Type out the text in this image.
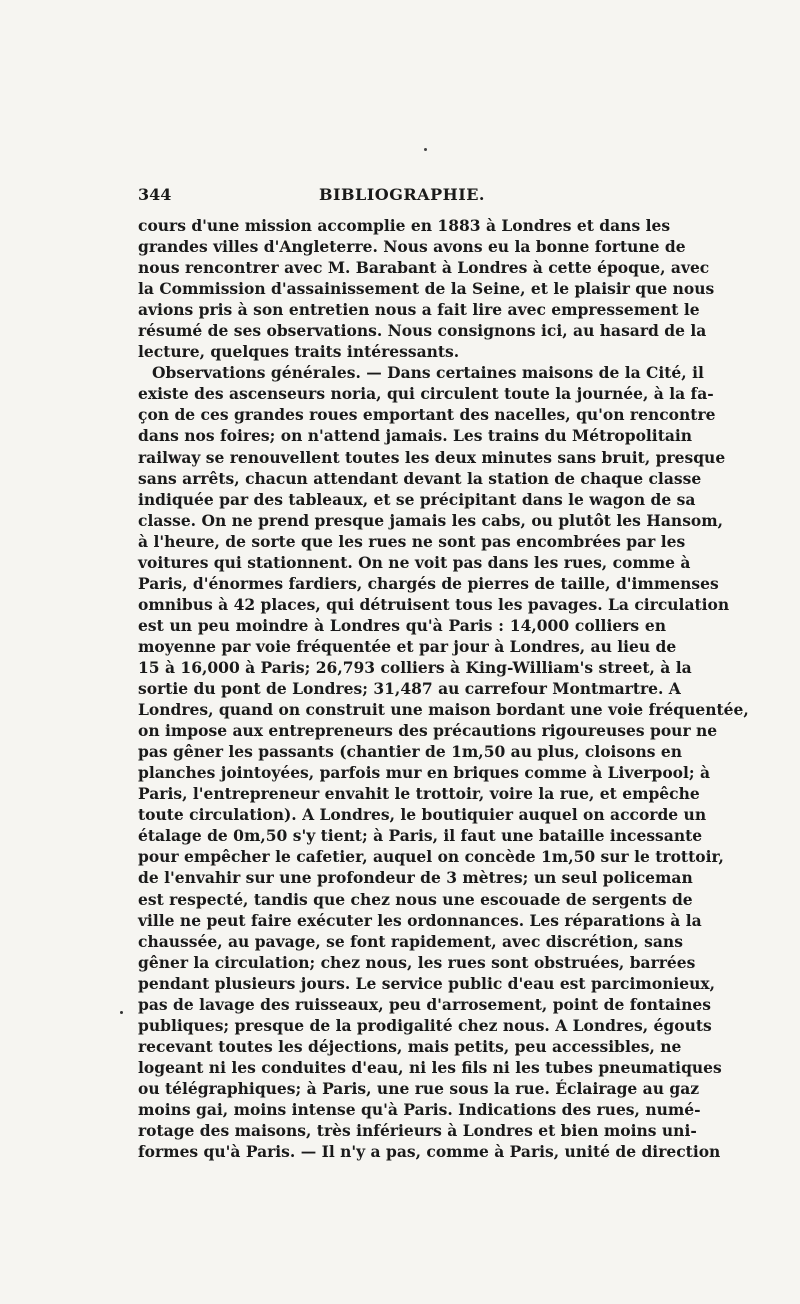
344	BIBLIOGRAPHIE.
cours d'une mission accomplie en 1883 à Londres et dans les
grandes villes d'Angleterre. Nous avons eu la bonne fortune de
nous rencontrer avec M. Barabant à Londres à cette époque, avec
la Commission d'assainissement de la Seine, et le plaisir que nous
avions pris à son entretien nous a fait lire avec empressement le
résumé de ses observations. Nous consignons ici, au hasard de la
lecture, quelques traits intéressants.
Observations générales. — Dans certaines maisons de la Cité, il
existe des ascenseurs noria, qui circulent toute la journée, à la fa-
çon de ces grandes roues emportant des nacelles, qu'on rencontre
dans nos foires; on n'attend jamais. Les trains du Métropolitain
railway se renouvellent toutes les deux minutes sans bruit, presque
sans arrêts, chacun attendant devant la station de chaque classe
indiquée par des tableaux, et se précipitant dans le wagon de sa
classe. On ne prend presque jamais les cabs, ou plutôt les Hansom,
à l'heure, de sorte que les rues ne sont pas encombrées par les
voitures qui stationnent. On ne voit pas dans les rues, comme à
Paris, d'énormes fardiers, chargés de pierres de taille, d'immenses
omnibus à 42 places, qui détruisent tous les pavages. La circulation
est un peu moindre à Londres qu'à Paris : 14,000 colliers en
moyenne par voie fréquentée et par jour à Londres, au lieu de
15 à 16,000 à Paris; 26,793 colliers à King-William's street, à la
sortie du pont de Londres; 31,487 au carrefour Montmartre. A
Londres, quand on construit une maison bordant une voie fréquentée,
on impose aux entrepreneurs des précautions rigoureuses pour ne
pas gêner les passants (chantier de 1m,50 au plus, cloisons en
planches jointoyées, parfois mur en briques comme à Liverpool; à
Paris, l'entrepreneur envahit le trottoir, voire la rue, et empêche
toute circulation). A Londres, le boutiquier auquel on accorde un
étalage de 0m,50 s'y tient; à Paris, il faut une bataille incessante
pour empêcher le cafetier, auquel on concède 1m,50 sur le trottoir,
de l'envahir sur une profondeur de 3 mètres; un seul policeman
est respecté, tandis que chez nous une escouade de sergents de
ville ne peut faire exécuter les ordonnances. Les réparations à la
chaussée, au pavage, se font rapidement, avec discrétion, sans
gêner la circulation; chez nous, les rues sont obstruées, barrées
pendant plusieurs jours. Le service public d'eau est parcimonieux,
pas de lavage des ruisseaux, peu d'arrosement, point de fontaines
publiques; presque de la prodigalité chez nous. A Londres, égouts
recevant toutes les déjections, mais petits, peu accessibles, ne
logeant ni les conduites d'eau, ni les fils ni les tubes pneumatiques
ou télégraphiques; à Paris, une rue sous la rue. Éclairage au gaz
moins gai, moins intense qu'à Paris. Indications des rues, numé-
rotage des maisons, très inférieurs à Londres et bien moins uni-
formes qu'à Paris. — Il n'y a pas, comme à Paris, unité de direction
